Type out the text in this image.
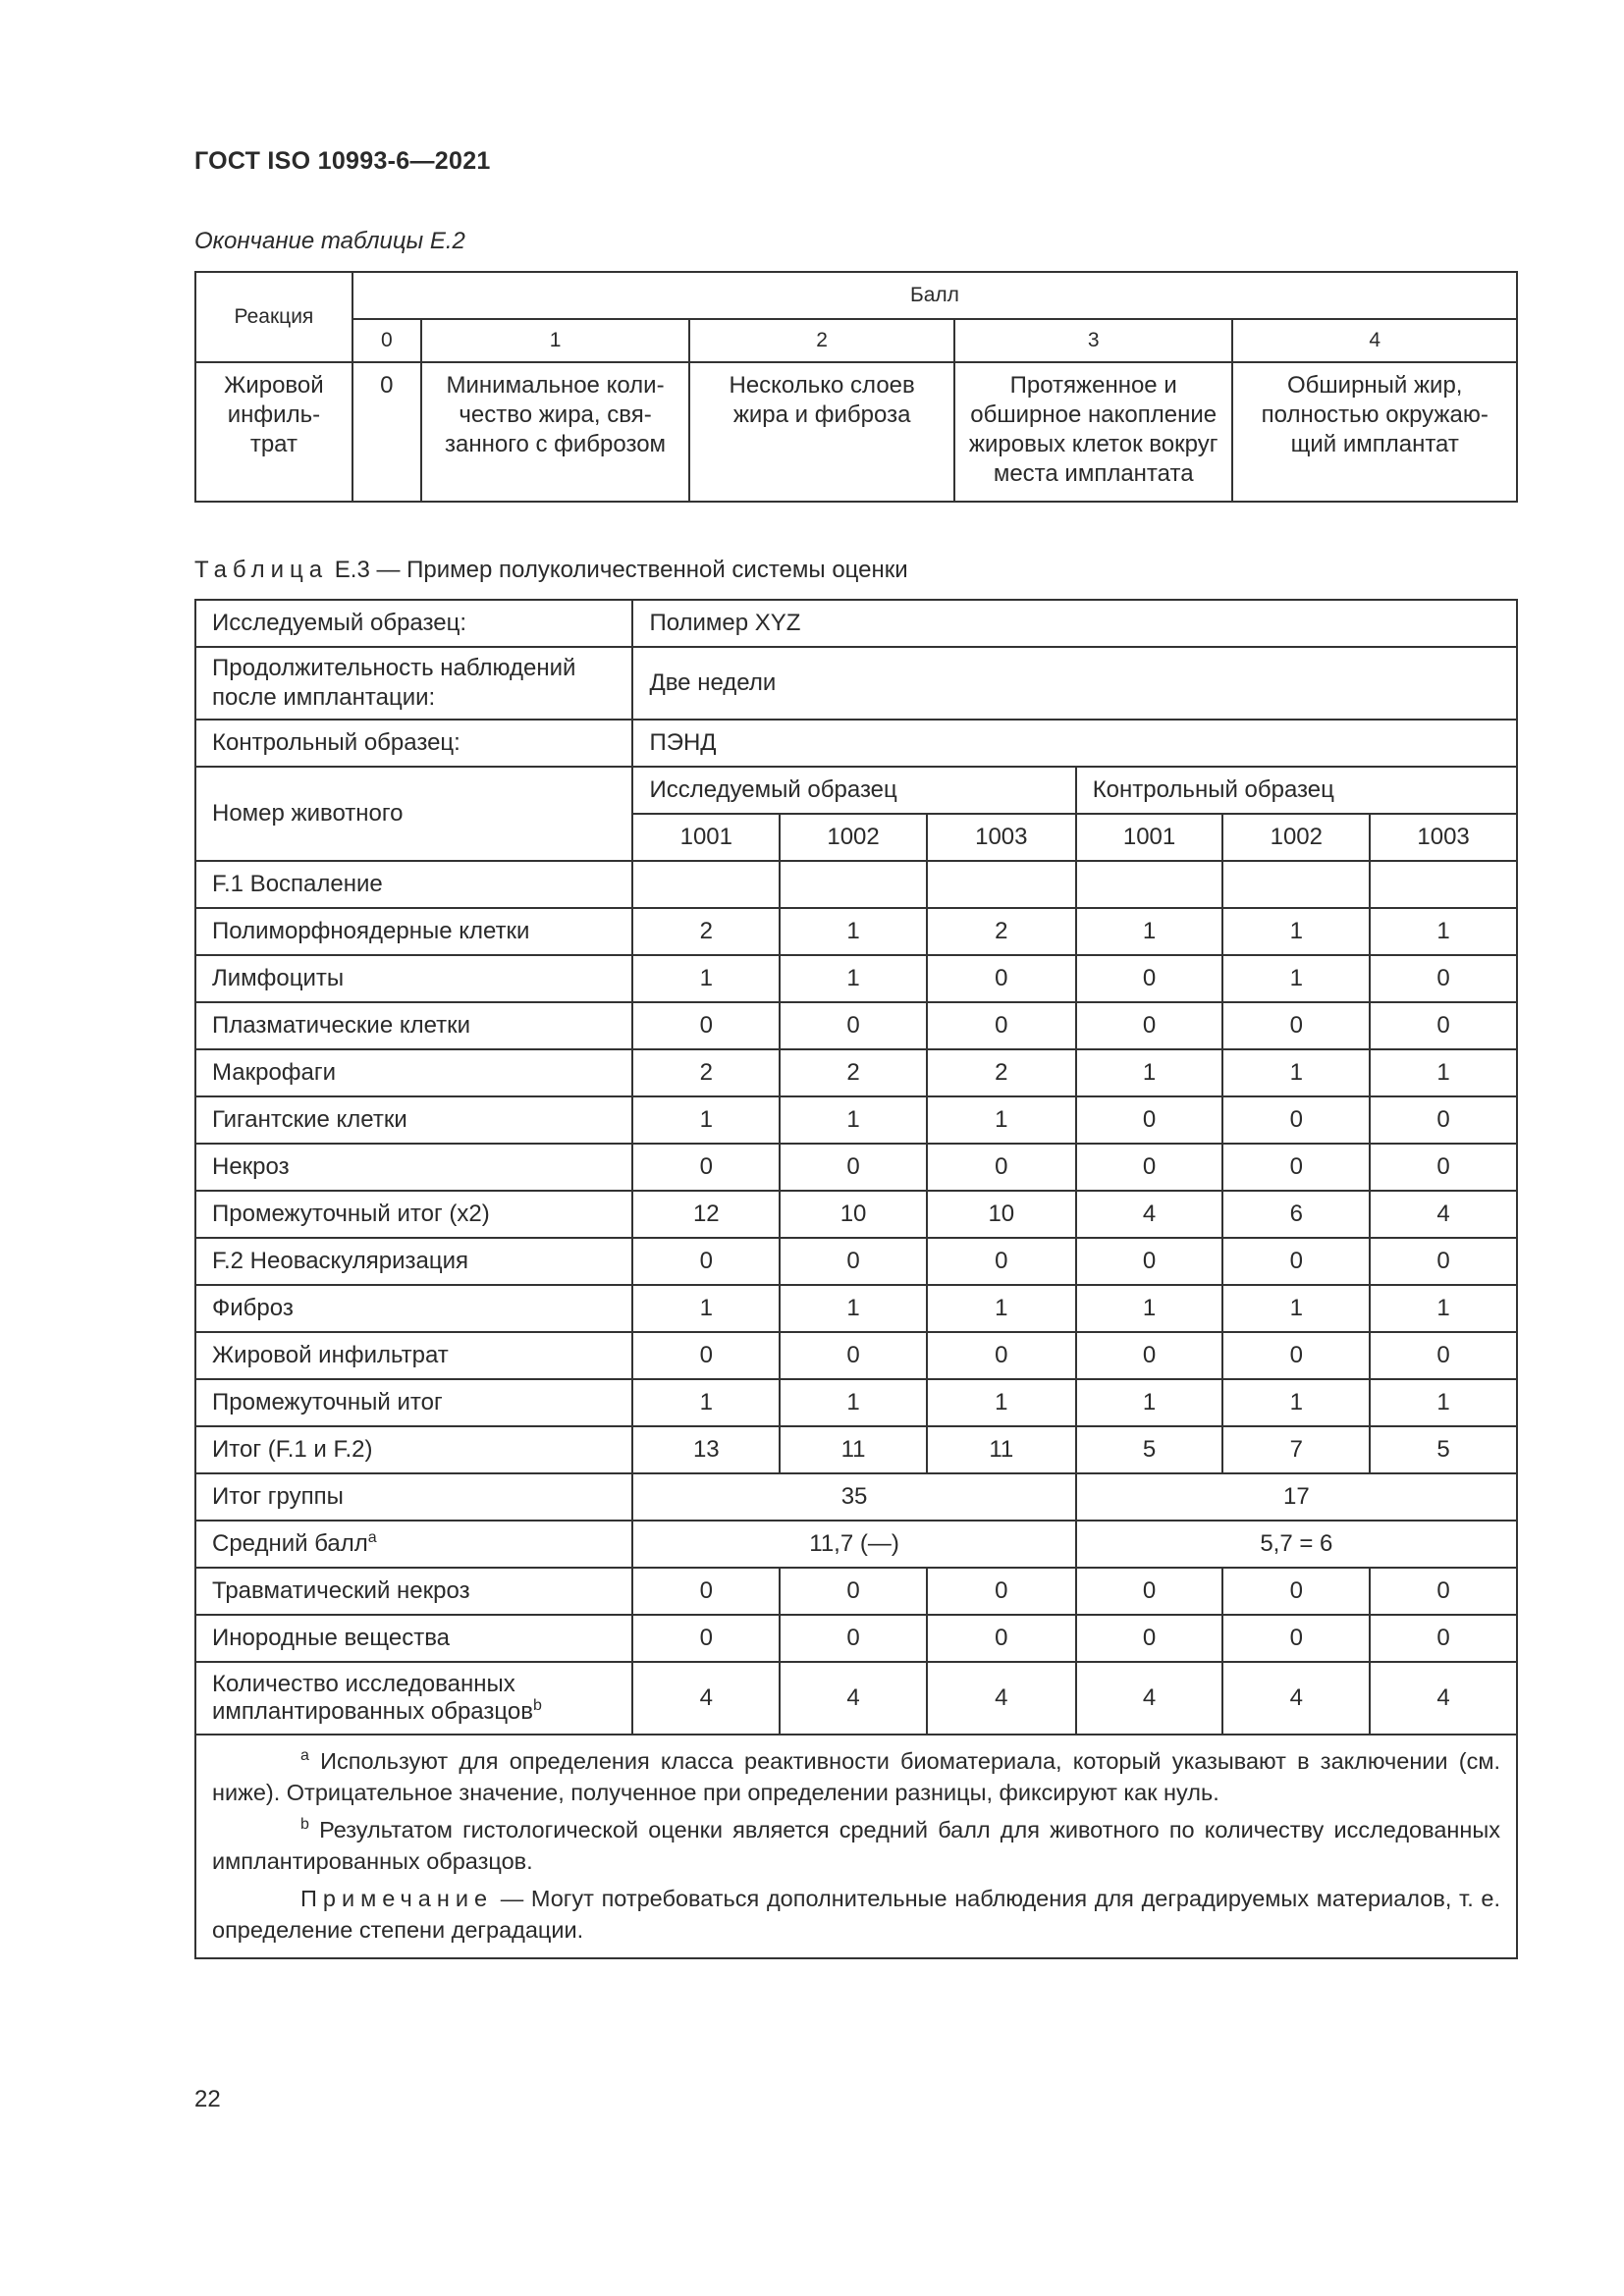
ГОСТ ISO 10993-6—2021
Окончание таблицы Е.2
Реакция	Балл				
	0	1	2	3	4
Жировой инфиль-трат	0	Минимальное коли-чество жира, свя-занного с фиброзом	Несколько слоев жира и фиброза	Протяженное и обширное накопление жировых клеток вокруг места имплантата	Обширный жир, полностью окружаю-щий имплантат
Таблица Е.3 — Пример полуколичественной системы оценки
Исследуемый образец:	Полимер XYZ					
Продолжительность наблюдений после имплантации:	Две недели					
Контрольный образец:	ПЭНД					
Номер животного	Исследуемый образец			Контрольный образец		
	1001	1002	1003	1001	1002	1003
F.1 Воспаление						
Полиморфноядерные клетки	2	1	2	1	1	1
Лимфоциты	1	1	0	0	1	0
Плазматические клетки	0	0	0	0	0	0
Макрофаги	2	2	2	1	1	1
Гигантские клетки	1	1	1	0	0	0
Некроз	0	0	0	0	0	0
Промежуточный итог (x2)	12	10	10	4	6	4
F.2 Неоваскуляризация	0	0	0	0	0	0
Фиброз	1	1	1	1	1	1
Жировой инфильтрат	0	0	0	0	0	0
Промежуточный итог	1	1	1	1	1	1
Итог (F.1 и F.2)	13	11	11	5	7	5
Итог группы	35			17		
Средний балл$^a$	11,7 (—)			5,7 = 6		
Травматический некроз	0	0	0	0	0	0
Инородные вещества	0	0	0	0	0	0
Количество исследованных имплантированных образцов$^b$	4	4	4	4	4	4

$^a$ Используют для определения класса реактивности биоматериала, который указывают в заключении (см. ниже). Отрицательное значение, полученное при определении разницы, фиксируют как нуль.

$^b$ Результатом гистологической оценки является средний балл для животного по количеству исследованных имплантированных образцов.

Примечание — Могут потребоваться дополнительные наблюдения для деградируемых материалов, т. е. определение степени деградации.						

22
